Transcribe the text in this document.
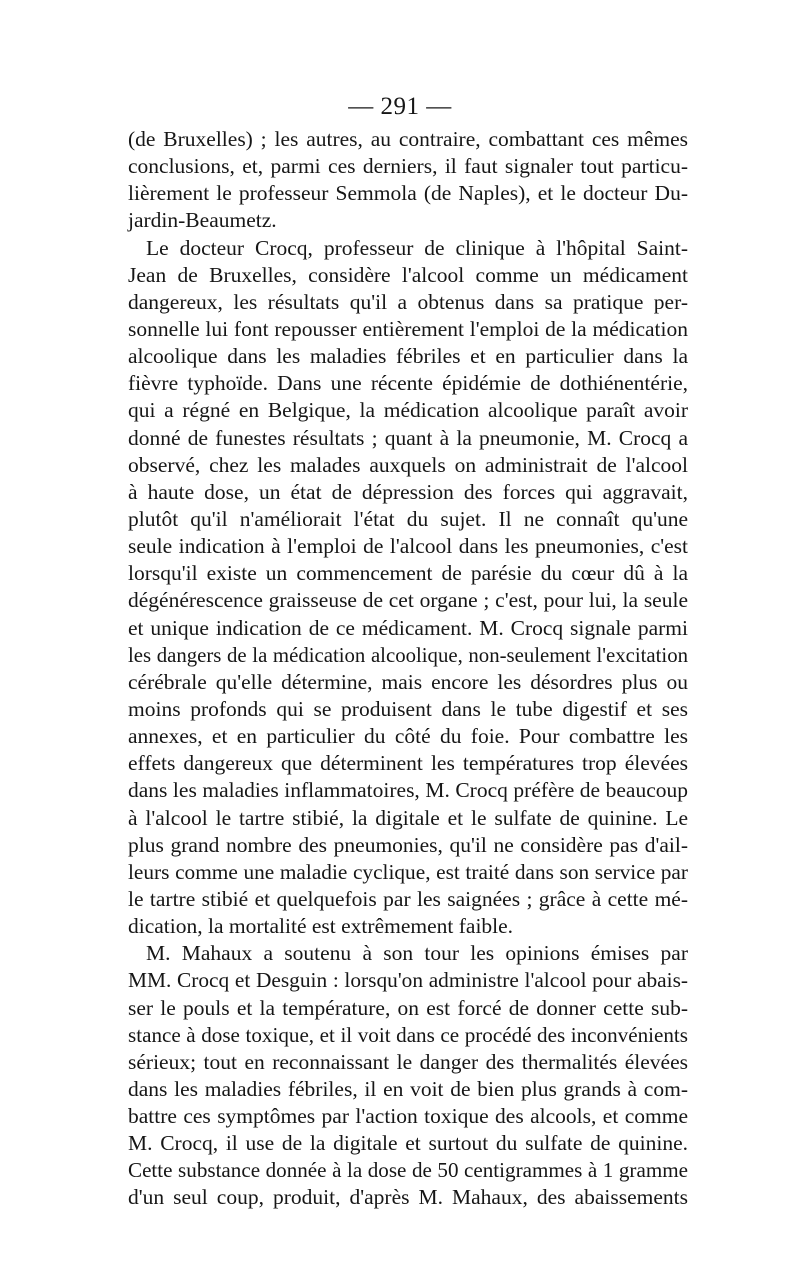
— 291 —
(de Bruxelles) ; les autres, au contraire, combattant ces mêmes
conclusions, et, parmi ces derniers, il faut signaler tout particu-
lièrement le professeur Semmola (de Naples), et le docteur Du-
jardin-Beaumetz.
Le docteur Crocq, professeur de clinique à l'hôpital Saint-
Jean de Bruxelles, considère l'alcool comme un médicament
dangereux, les résultats qu'il a obtenus dans sa pratique per-
sonnelle lui font repousser entièrement l'emploi de la médication
alcoolique dans les maladies fébriles et en particulier dans la
fièvre typhoïde. Dans une récente épidémie de dothiénentérie,
qui a régné en Belgique, la médication alcoolique paraît avoir
donné de funestes résultats ; quant à la pneumonie, M. Crocq a
observé, chez les malades auxquels on administrait de l'alcool
à haute dose, un état de dépression des forces qui aggravait,
plutôt qu'il n'améliorait l'état du sujet. Il ne connaît qu'une
seule indication à l'emploi de l'alcool dans les pneumonies, c'est
lorsqu'il existe un commencement de parésie du cœur dû à la
dégénérescence graisseuse de cet organe ; c'est, pour lui, la seule
et unique indication de ce médicament. M. Crocq signale parmi
les dangers de la médication alcoolique, non-seulement l'excitation
cérébrale qu'elle détermine, mais encore les désordres plus ou
moins profonds qui se produisent dans le tube digestif et ses
annexes, et en particulier du côté du foie. Pour combattre les
effets dangereux que déterminent les températures trop élevées
dans les maladies inflammatoires, M. Crocq préfère de beaucoup
à l'alcool le tartre stibié, la digitale et le sulfate de quinine. Le
plus grand nombre des pneumonies, qu'il ne considère pas d'ail-
leurs comme une maladie cyclique, est traité dans son service par
le tartre stibié et quelquefois par les saignées ; grâce à cette mé-
dication, la mortalité est extrêmement faible.
M. Mahaux a soutenu à son tour les opinions émises par
MM. Crocq et Desguin : lorsqu'on administre l'alcool pour abais-
ser le pouls et la température, on est forcé de donner cette sub-
stance à dose toxique, et il voit dans ce procédé des inconvénients
sérieux; tout en reconnaissant le danger des thermalités élevées
dans les maladies fébriles, il en voit de bien plus grands à com-
battre ces symptômes par l'action toxique des alcools, et comme
M. Crocq, il use de la digitale et surtout du sulfate de quinine.
Cette substance donnée à la dose de 50 centigrammes à 1 gramme
d'un seul coup, produit, d'après M. Mahaux, des abaissements
